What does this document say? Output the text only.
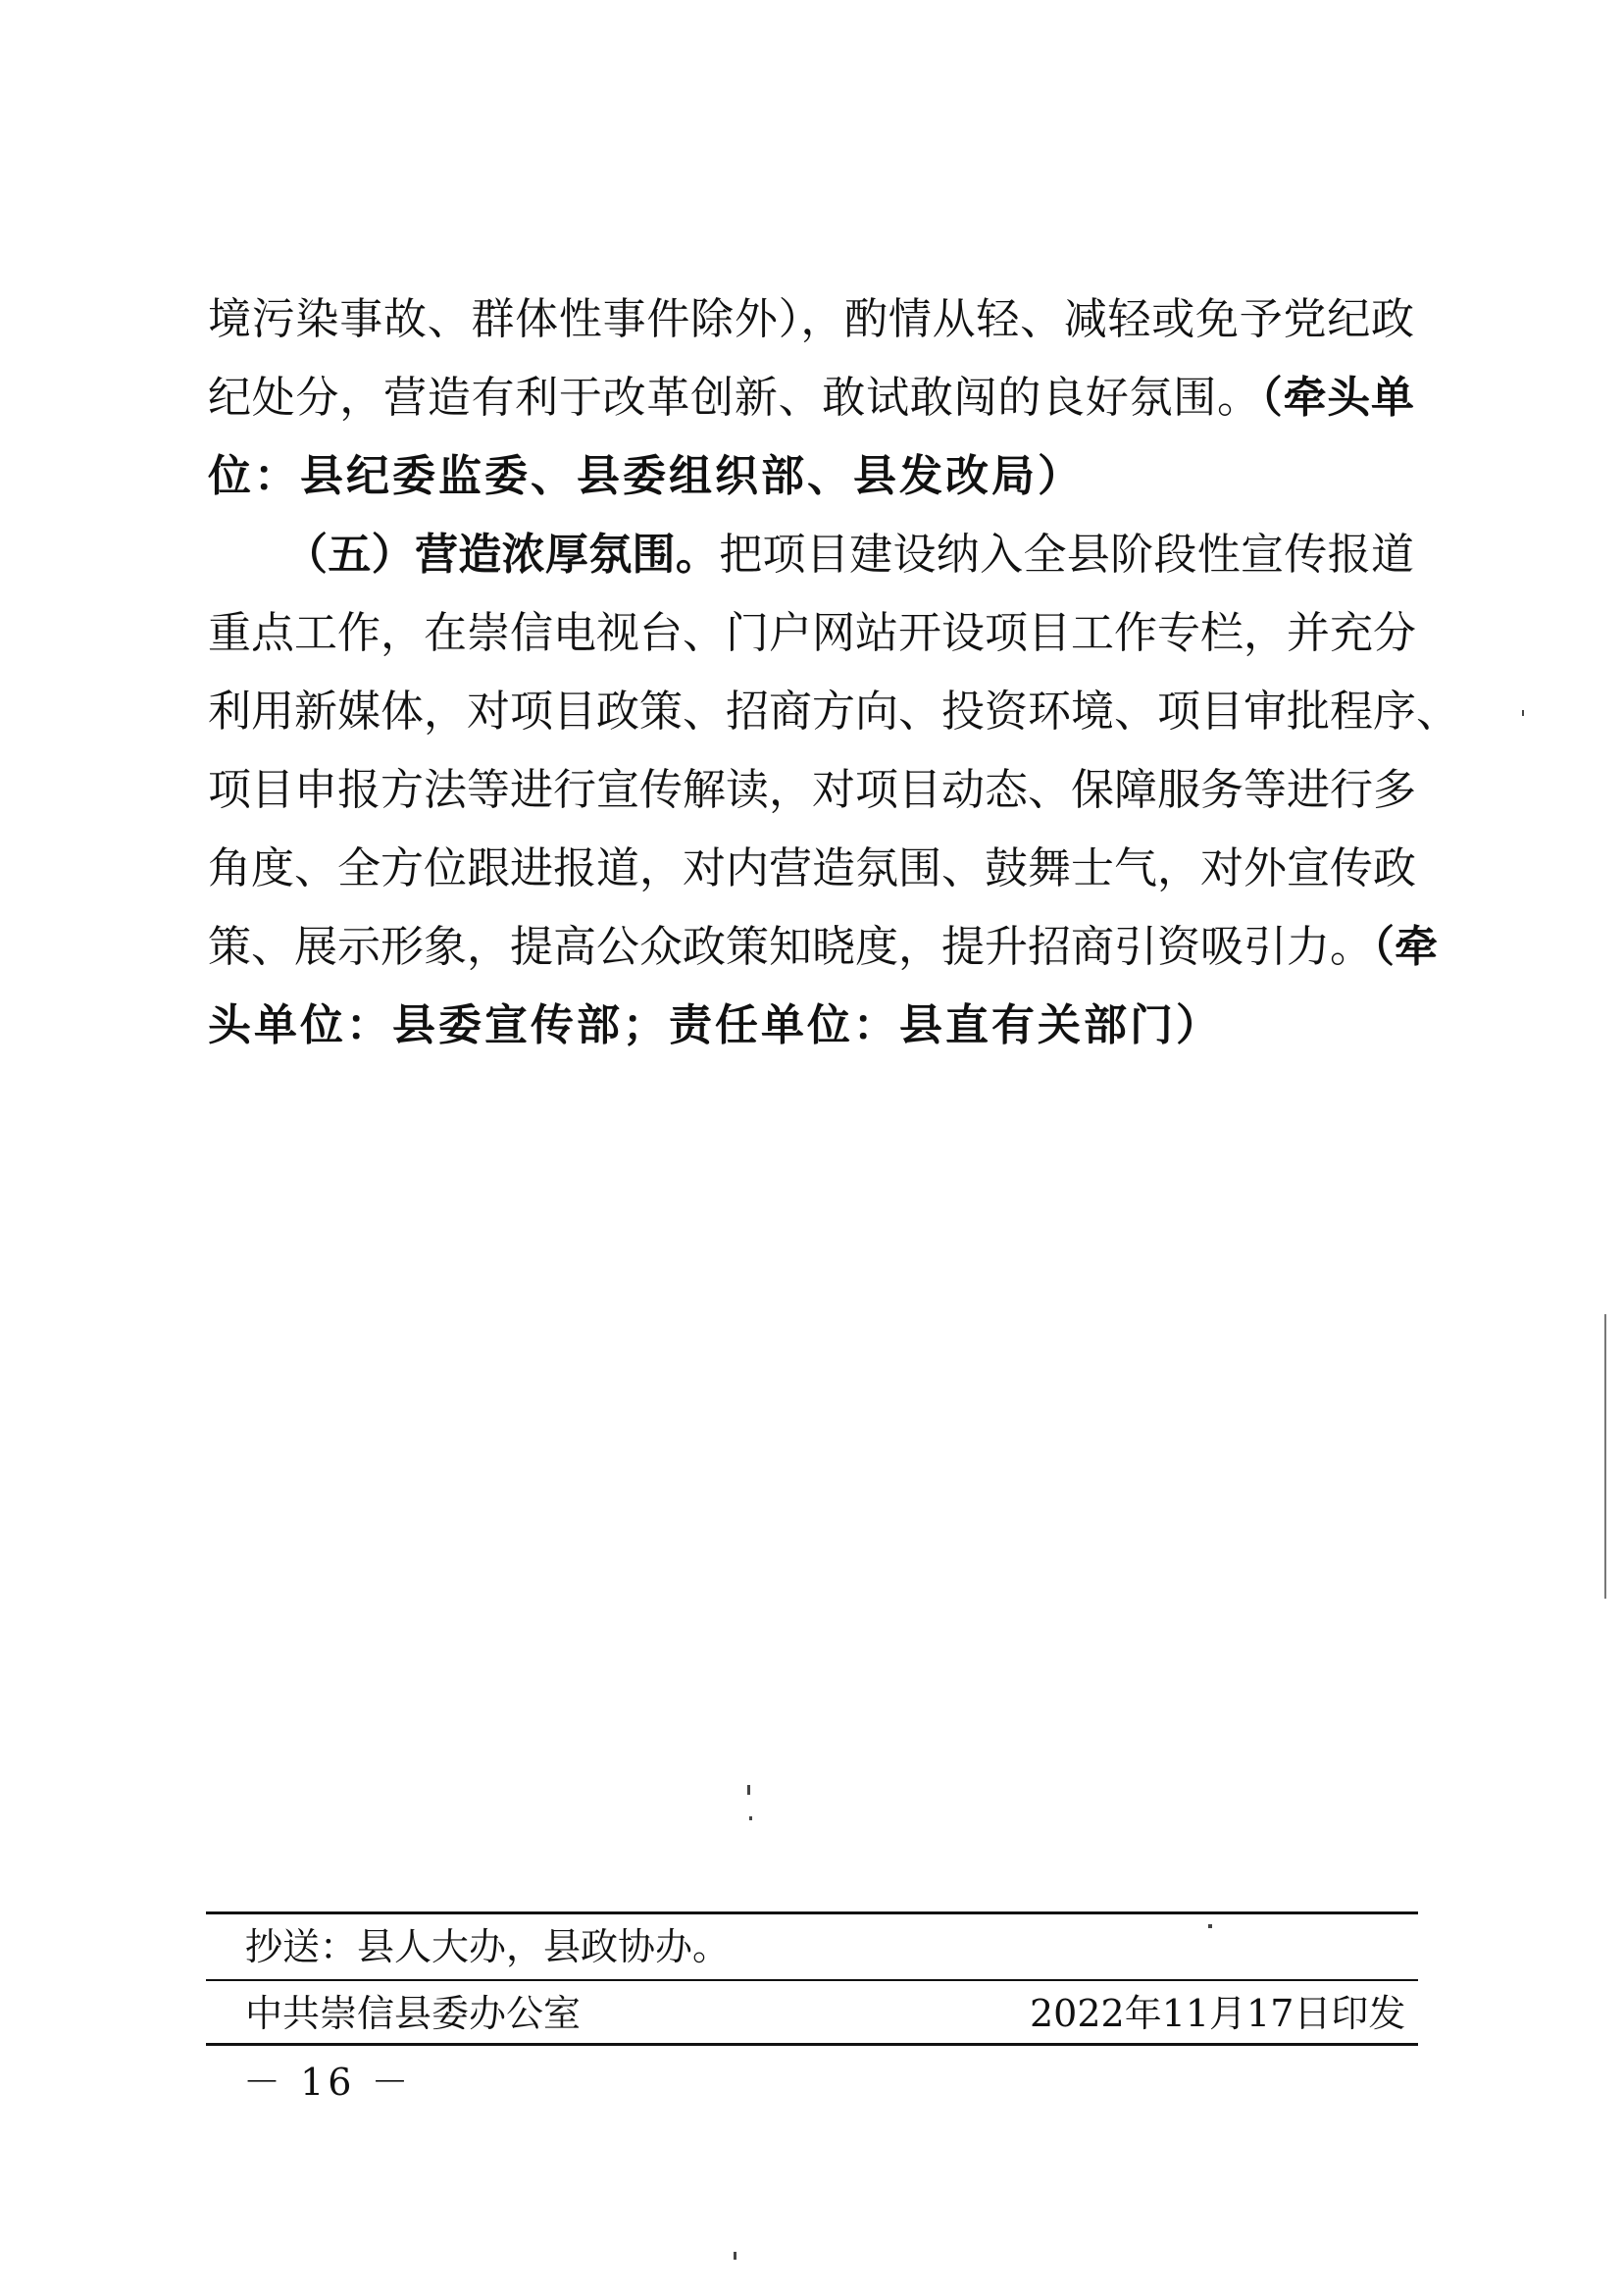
境污染事故、群体性事件除外），酌情从轻、减轻或免予党纪政
纪处分，营造有利于改革创新、敢试敢闯的良好氛围。（牵头单
位：县纪委监委、县委组织部、县发改局）
（五）营造浓厚氛围。把项目建设纳入全县阶段性宣传报道
重点工作，在崇信电视台、门户网站开设项目工作专栏，并充分
利用新媒体，对项目政策、招商方向、投资环境、项目审批程序、
项目申报方法等进行宣传解读，对项目动态、保障服务等进行多
角度、全方位跟进报道，对内营造氛围、鼓舞士气，对外宣传政
策、展示形象，提高公众政策知晓度，提升招商引资吸引力。（牵
头单位：县委宣传部；责任单位：县直有关部门）
抄送：县人大办，县政协办。
中共崇信县委办公室	2022年11月17日印发
－ 16 －
